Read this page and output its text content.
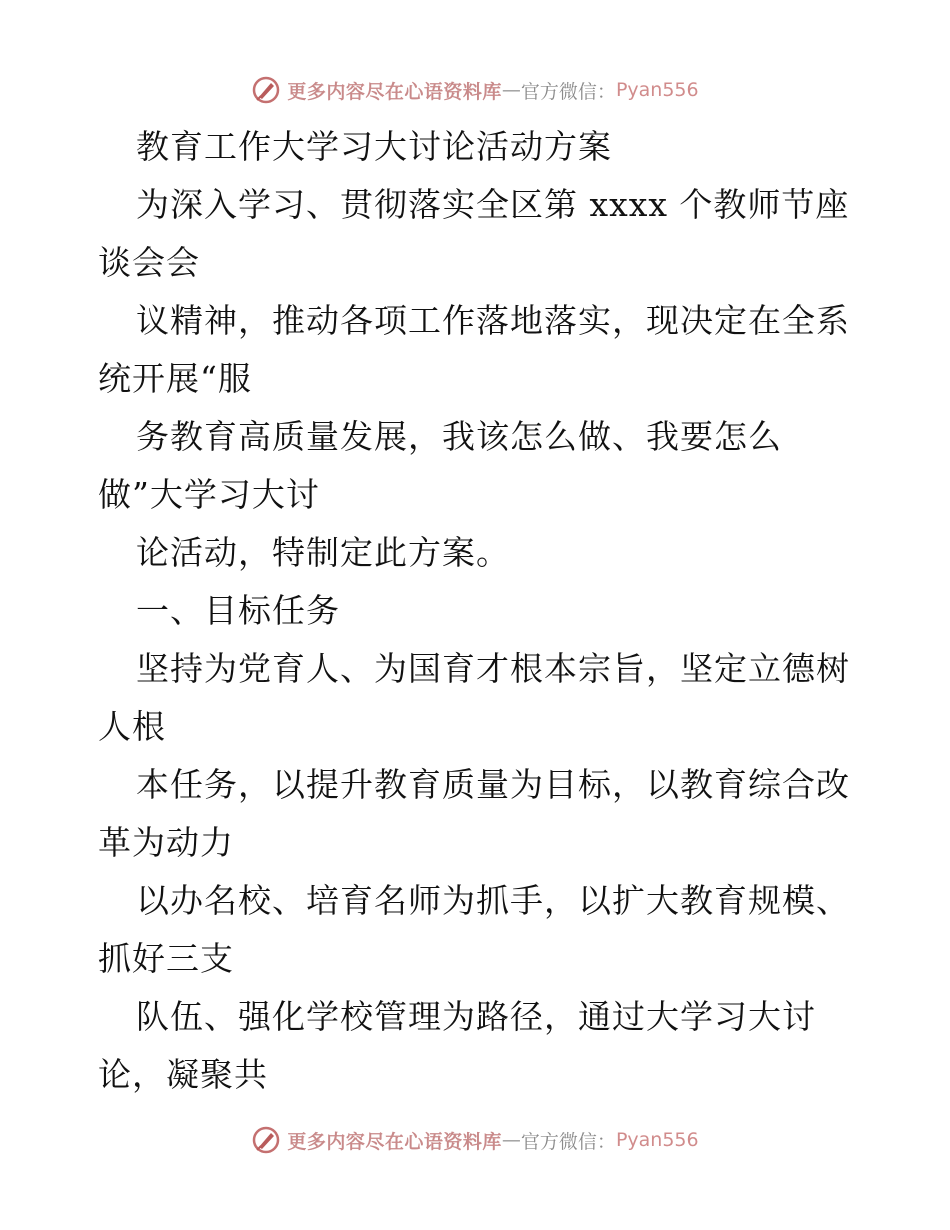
更多内容尽在心语资料库 — 官方微信： Pyan556
教育工作大学习大讨论活动方案
为深入学习、贯彻落实全区第 xxxx 个教师节座
谈会会
议精神，推动各项工作落地落实，现决定在全系
统开展“服
务教育高质量发展，我该怎么做、我要怎么
做”大学习大讨
论活动，特制定此方案。
一、目标任务
坚持为党育人、为国育才根本宗旨，坚定立德树
人根
本任务，以提升教育质量为目标，以教育综合改
革为动力
以办名校、培育名师为抓手，以扩大教育规模、
抓好三支
队伍、强化学校管理为路径，通过大学习大讨
论，凝聚共
更多内容尽在心语资料库 — 官方微信： Pyan556
